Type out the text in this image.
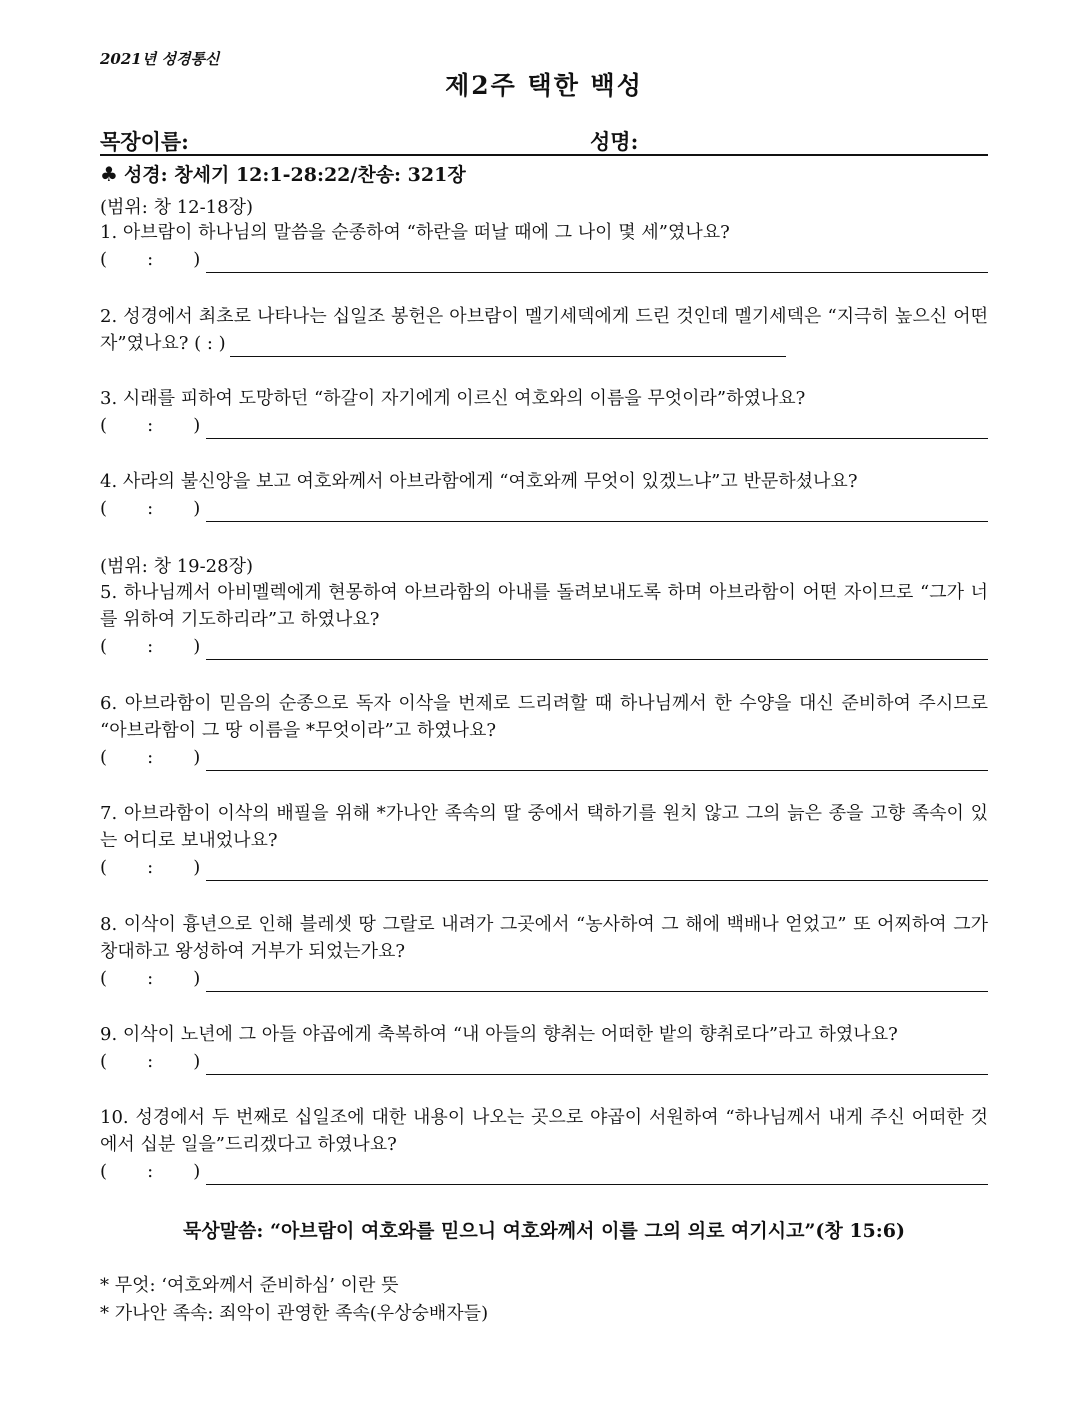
2021년 성경통신
제2주 택한 백성
목장이름:	성명:
♣ 성경: 창세기 12:1-28:22/찬송: 321장
(범위: 창 12-18장)
1. 아브람이 하나님의 말씀을 순종하여 “하란을 떠날 때에 그 나이 몇 세”였나요?
(       :       )
2. 성경에서 최초로 나타나는 십일조 봉헌은 아브람이 멜기세덱에게 드린 것인데 멜기세덱은 “지극히 높으신 어떤 자”였나요? ( : )
3. 시래를 피하여 도망하던 “하갈이 자기에게 이르신 여호와의 이름을 무엇이라”하였나요?
(       :       )
4. 사라의 불신앙을 보고 여호와께서 아브라함에게 “여호와께 무엇이 있겠느냐”고 반문하셨나요?
(       :       )
(범위: 창 19-28장)
5. 하나님께서 아비멜렉에게 현몽하여 아브라함의 아내를 돌려보내도록 하며 아브라함이 어떤 자이므로 “그가 너를 위하여 기도하리라”고 하였나요?
(       :       )
6. 아브라함이 믿음의 순종으로 독자 이삭을 번제로 드리려할 때 하나님께서 한 수양을 대신 준비하여 주시므로 “아브라함이 그 땅 이름을 *무엇이라”고 하였나요?
(       :       )
7. 아브라함이 이삭의 배필을 위해 *가나안 족속의 딸 중에서 택하기를 원치 않고 그의 늙은 종을 고향 족속이 있는 어디로 보내었나요?
(       :       )
8. 이삭이 흉년으로 인해 블레셋 땅 그랄로 내려가 그곳에서 “농사하여 그 해에 백배나 얻었고” 또 어찌하여 그가 창대하고 왕성하여 거부가 되었는가요?
(       :       )
9. 이삭이 노년에 그 아들 야곱에게 축복하여 “내 아들의 향취는 어떠한 밭의 향취로다”라고 하였나요?
(       :       )
10. 성경에서 두 번째로 십일조에 대한 내용이 나오는 곳으로 야곱이 서원하여 “하나님께서 내게 주신 어떠한 것에서 십분 일을”드리겠다고 하였나요?
(       :       )
묵상말씀: “아브람이 여호와를 믿으니 여호와께서 이를 그의 의로 여기시고”(창 15:6)
* 무엇: ‘여호와께서 준비하심’ 이란 뜻
* 가나안 족속: 죄악이 관영한 족속(우상숭배자들)
